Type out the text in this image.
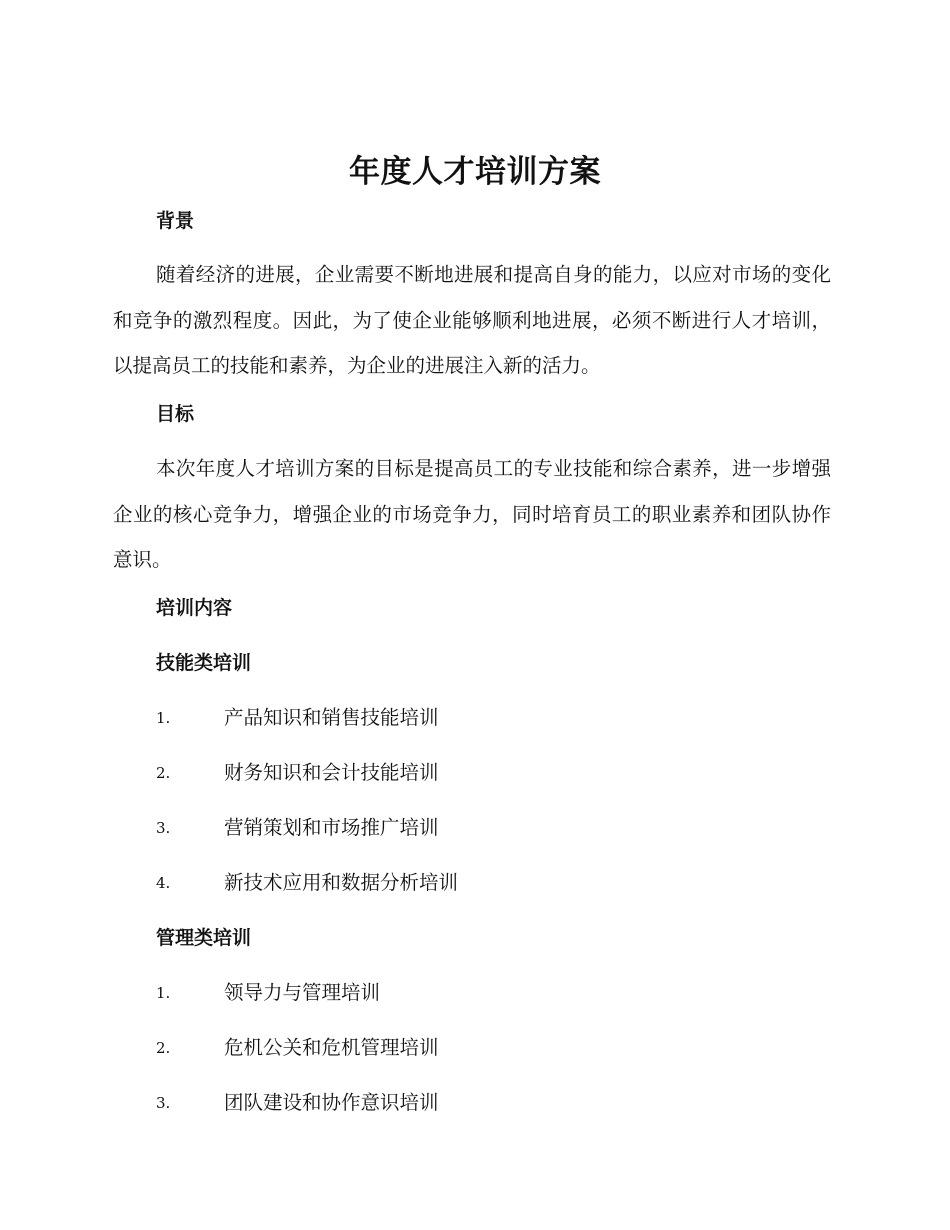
年度人才培训方案
背景

随着经济的进展，企业需要不断地进展和提高自身的能力，以应对市场的变化和竞争的激烈程度。因此，为了使企业能够顺利地进展，必须不断进行人才培训，以提高员工的技能和素养，为企业的进展注入新的活力。

目标

本次年度人才培训方案的目标是提高员工的专业技能和综合素养，进一步增强企业的核心竞争力，增强企业的市场竞争力，同时培育员工的职业素养和团队协作意识。

培训内容
技能类培训
1.	产品知识和销售技能培训
2.	财务知识和会计技能培训
3.	营销策划和市场推广培训
4.	新技术应用和数据分析培训
管理类培训
1.	领导力与管理培训
2.	危机公关和危机管理培训
3.	团队建设和协作意识培训
